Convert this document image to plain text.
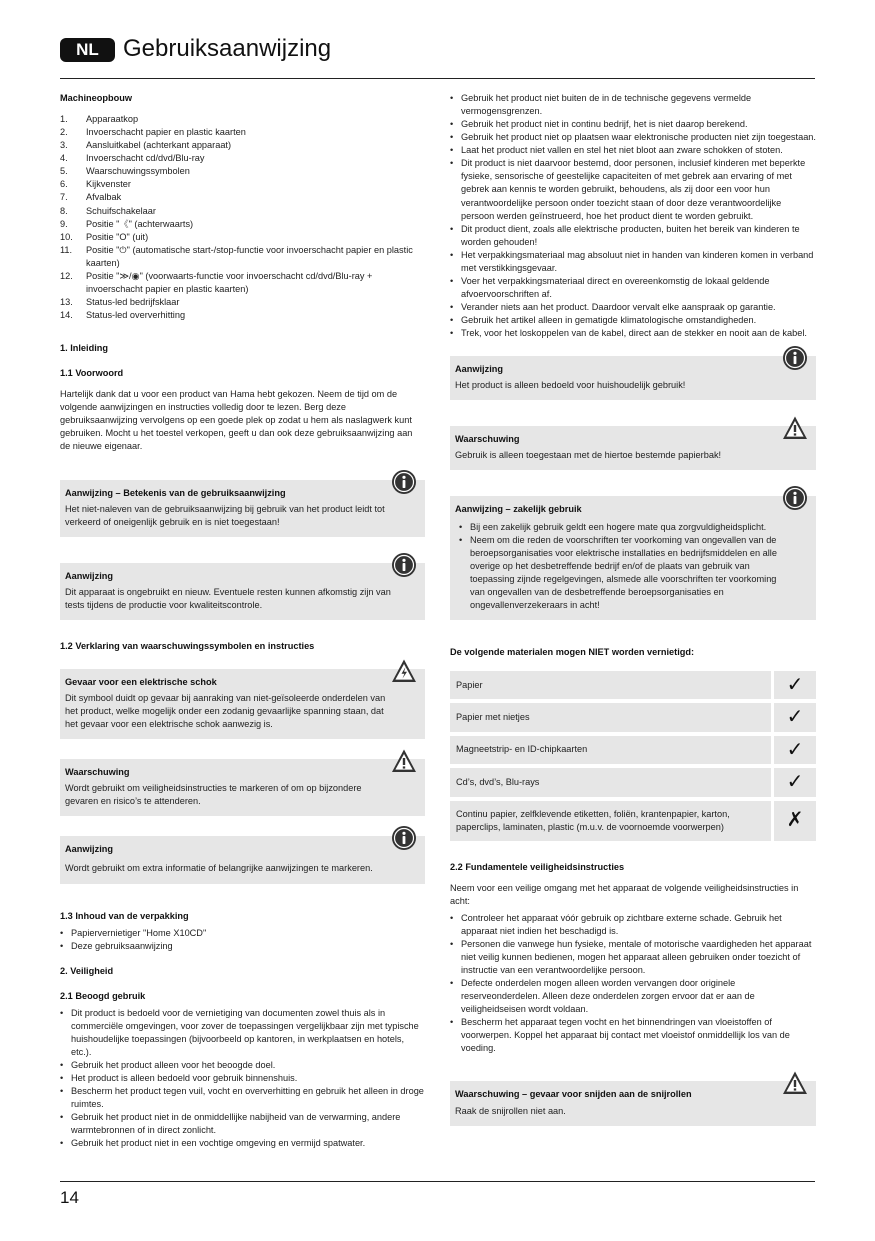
NL	Gebruiksaanwijzing

Machineopbouw

1.	Apparaatkop
2.	Invoerschacht papier en plastic kaarten
3.	Aansluitkabel (achterkant apparaat)
4.	Invoerschacht cd/dvd/Blu-ray
5.	Waarschuwingssymbolen
6.	Kijkvenster
7.	Afvalbak
8.	Schuifschakelaar
9.	Positie "《" (achterwaarts)
10.	Positie "O" (uit)
11.	Positie "⏻" (automatische start-/stop-functie voor invoerschacht papier en plastic kaarten)
12.	Positie "≫/◉" (voorwaarts-functie voor invoerschacht cd/dvd/Blu-ray + invoerschacht papier en plastic kaarten)
13.	Status-led bedrijfsklaar
14.	Status-led oververhitting

1. Inleiding

1.1 Voorwoord

Hartelijk dank dat u voor een product van Hama hebt gekozen. Neem de tijd om de volgende aanwijzingen en instructies volledig door te lezen. Berg deze gebruiksaanwijzing vervolgens op een goede plek op zodat u hem als naslagwerk kunt gebruiken. Mocht u het toestel verkopen, geeft u dan ook deze gebruiksaanwijzing aan de nieuwe eigenaar.

Aanwijzing – Betekenis van de gebruiksaanwijzing
Het niet-naleven van de gebruiksaanwijzing bij gebruik van het product leidt tot verkeerd of oneigenlijk gebruik en is niet toegestaan!
Aanwijzing
Dit apparaat is ongebruikt en nieuw. Eventuele resten kunnen afkomstig zijn van tests tijdens de productie voor kwaliteitscontrole.

1.2 Verklaring van waarschuwingssymbolen en instructies

Gevaar voor een elektrische schok
Dit symbool duidt op gevaar bij aanraking van niet-geïsoleerde onderdelen van het product, welke mogelijk onder een zodanig gevaarlijke spanning staan, dat het gevaar voor een elektrische schok aanwezig is.
Waarschuwing
Wordt gebruikt om veiligheidsinstructies te markeren of om op bijzondere gevaren en risico’s te attenderen.
Aanwijzing
Wordt gebruikt om extra informatie of belangrijke aanwijzingen te markeren.

1.3 Inhoud van de verpakking

• Papiervernietiger "Home X10CD"
• Deze gebruiksaanwijzing

2. Veiligheid

2.1 Beoogd gebruik

• Dit product is bedoeld voor de vernietiging van documenten zowel thuis als in commerciële omgevingen, voor zover de toepassingen vergelijkbaar zijn met typische huishoudelijke toepassingen (bijvoorbeeld op kantoren, in werkplaatsen en hotels, etc.).
• Gebruik het product alleen voor het beoogde doel.
• Het product is alleen bedoeld voor gebruik binnenshuis.
• Bescherm het product tegen vuil, vocht en oververhitting en gebruik het alleen in droge ruimtes.
• Gebruik het product niet in de onmiddellijke nabijheid van de verwarming, andere warmtebronnen of in direct zonlicht.
• Gebruik het product niet in een vochtige omgeving en vermijd spatwater.
• Gebruik het product niet buiten de in de technische gegevens vermelde vermogensgrenzen.
• Gebruik het product niet in continu bedrijf, het is niet daarop berekend.
• Gebruik het product niet op plaatsen waar elektronische producten niet zijn toegestaan.
• Laat het product niet vallen en stel het niet bloot aan zware schokken of stoten.
• Dit product is niet daarvoor bestemd, door personen, inclusief kinderen met beperkte fysieke, sensorische of geestelijke capaciteiten of met gebrek aan ervaring of met gebrek aan kennis te worden gebruikt, behoudens, als zij door een voor hun verantwoordelijke persoon onder toezicht staan of door deze verantwoordelijke persoon werden geïnstrueerd, hoe het product dient te worden gebruikt.
• Dit product dient, zoals alle elektrische producten, buiten het bereik van kinderen te worden gehouden!
• Het verpakkingsmateriaal mag absoluut niet in handen van kinderen komen in verband met verstikkingsgevaar.
• Voer het verpakkingsmateriaal direct en overeenkomstig de lokaal geldende afvoervoorschriften af.
• Verander niets aan het product. Daardoor vervalt elke aanspraak op garantie.
• Gebruik het artikel alleen in gematigde klimatologische omstandigheden.
• Trek, voor het loskoppelen van de kabel, direct aan de stekker en nooit aan de kabel.
Aanwijzing
Het product is alleen bedoeld voor huishoudelijk gebruik!
Waarschuwing
Gebruik is alleen toegestaan met de hiertoe bestemde papierbak!
Aanwijzing – zakelijk gebruik
• Bij een zakelijk gebruik geldt een hogere mate qua zorgvuldigheidsplicht.
• Neem om die reden de voorschriften ter voorkoming van ongevallen van de beroepsorganisaties voor elektrische installaties en bedrijfsmiddelen en alle overige op het desbetreffende bedrijf en/of de plaats van gebruik van toepassing zijnde regelgevingen, alsmede alle voorschriften ter voorkoming van ongevallen van de desbetreffende beroepsorganisaties en ongevallenverzekeraars in acht!

De volgende materialen mogen NIET worden vernietigd:

Papier	✓
Papier met nietjes	✓
Magneetstrip- en ID-chipkaarten	✓
Cd’s, dvd’s, Blu-rays	✓
Continu papier, zelfklevende etiketten, foliën, krantenpapier, karton, paperclips, laminaten, plastic (m.u.v. de voornoemde voorwerpen)	✗

2.2 Fundamentele veiligheidsinstructies

Neem voor een veilige omgang met het apparaat de volgende veiligheidsinstructies in acht:

• Controleer het apparaat vóór gebruik op zichtbare externe schade. Gebruik het apparaat niet indien het beschadigd is.
• Personen die vanwege hun fysieke, mentale of motorische vaardigheden het apparaat niet veilig kunnen bedienen, mogen het apparaat alleen gebruiken onder toezicht of instructie van een verantwoordelijke persoon.
• Defecte onderdelen mogen alleen worden vervangen door originele reserveonderdelen. Alleen deze onderdelen zorgen ervoor dat er aan de veiligheidseisen wordt voldaan.
• Bescherm het apparaat tegen vocht en het binnendringen van vloeistoffen of voorwerpen. Koppel het apparaat bij contact met vloeistof onmiddellijk los van de voeding.
Waarschuwing – gevaar voor snijden aan de snijrollen
Raak de snijrollen niet aan.
14
